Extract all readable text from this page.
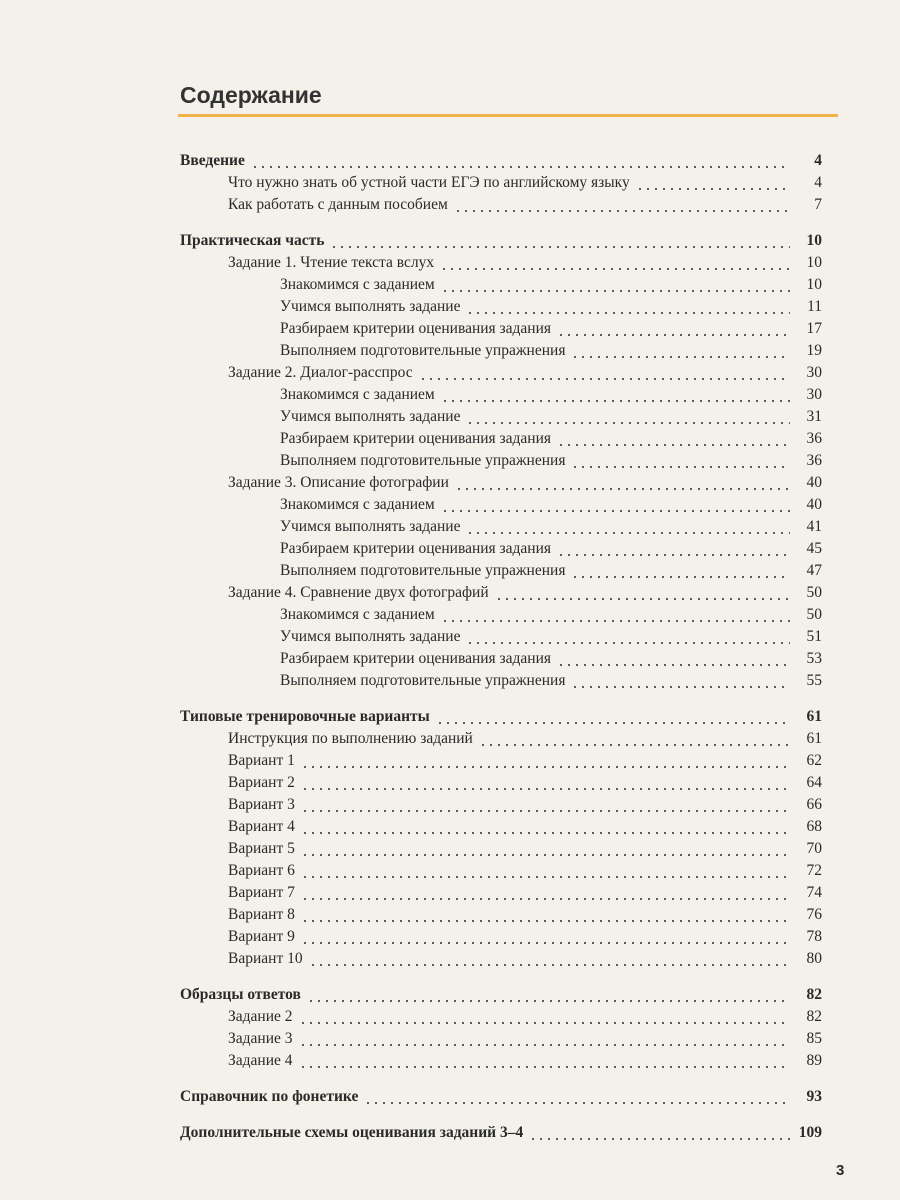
Содержание
Введение	4
Что нужно знать об устной части ЕГЭ по английскому языку	4
Как работать с данным пособием	7
Практическая часть	10
Задание 1. Чтение текста вслух	10
Знакомимся с заданием	10
Учимся выполнять задание	11
Разбираем критерии оценивания задания	17
Выполняем подготовительные упражнения	19
Задание 2. Диалог-расспрос	30
Знакомимся с заданием	30
Учимся выполнять задание	31
Разбираем критерии оценивания задания	36
Выполняем подготовительные упражнения	36
Задание 3. Описание фотографии	40
Знакомимся с заданием	40
Учимся выполнять задание	41
Разбираем критерии оценивания задания	45
Выполняем подготовительные упражнения	47
Задание 4. Сравнение двух фотографий	50
Знакомимся с заданием	50
Учимся выполнять задание	51
Разбираем критерии оценивания задания	53
Выполняем подготовительные упражнения	55
Типовые тренировочные варианты	61
Инструкция по выполнению заданий	61
Вариант 1	62
Вариант 2	64
Вариант 3	66
Вариант 4	68
Вариант 5	70
Вариант 6	72
Вариант 7	74
Вариант 8	76
Вариант 9	78
Вариант 10	80
Образцы ответов	82
Задание 2	82
Задание 3	85
Задание 4	89
Справочник по фонетике	93
Дополнительные схемы оценивания заданий 3–4	109
3
